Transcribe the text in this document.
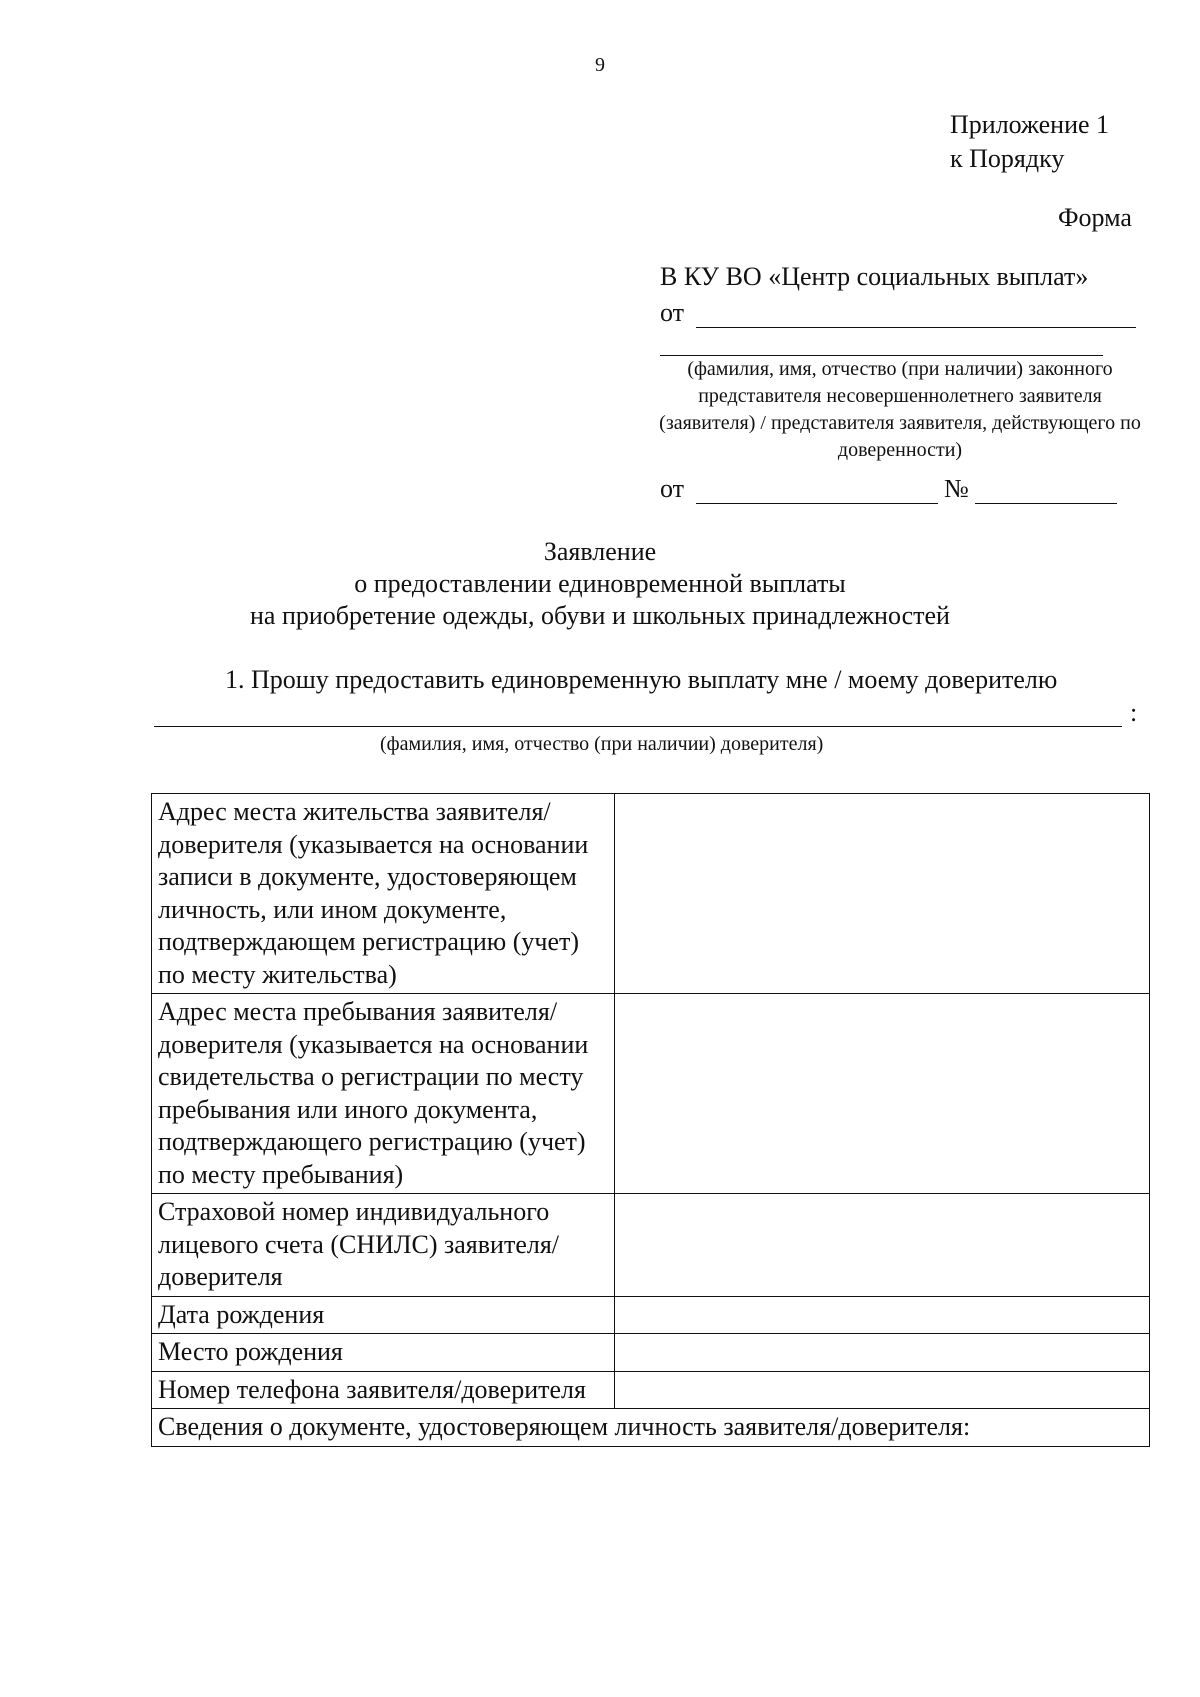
9
Приложение 1
к Порядку
Форма
В КУ ВО «Центр социальных выплат»
от
(фамилия, имя, отчество (при наличии) законного представителя несовершеннолетнего заявителя (заявителя) / представителя заявителя, действующего по доверенности)
от	№
Заявление
о предоставлении единовременной выплаты
на приобретение одежды, обуви и школьных принадлежностей
1. Прошу предоставить единовременную выплату мне / моему доверителю
:
(фамилия, имя, отчество (при наличии) доверителя)
Адрес места жительства заявителя/доверителя (указывается на основании записи в документе, удостоверяющем личность, или ином документе, подтверждающем регистрацию (учет) по месту жительства)	
Адрес места пребывания заявителя/доверителя (указывается на основании свидетельства о регистрации по месту пребывания или иного документа, подтверждающего регистрацию (учет) по месту пребывания)	
Страховой номер индивидуального лицевого счета (СНИЛС) заявителя/доверителя	
Дата рождения	
Место рождения	
Номер телефона заявителя/доверителя	
Сведения о документе, удостоверяющем личность заявителя/доверителя:	
